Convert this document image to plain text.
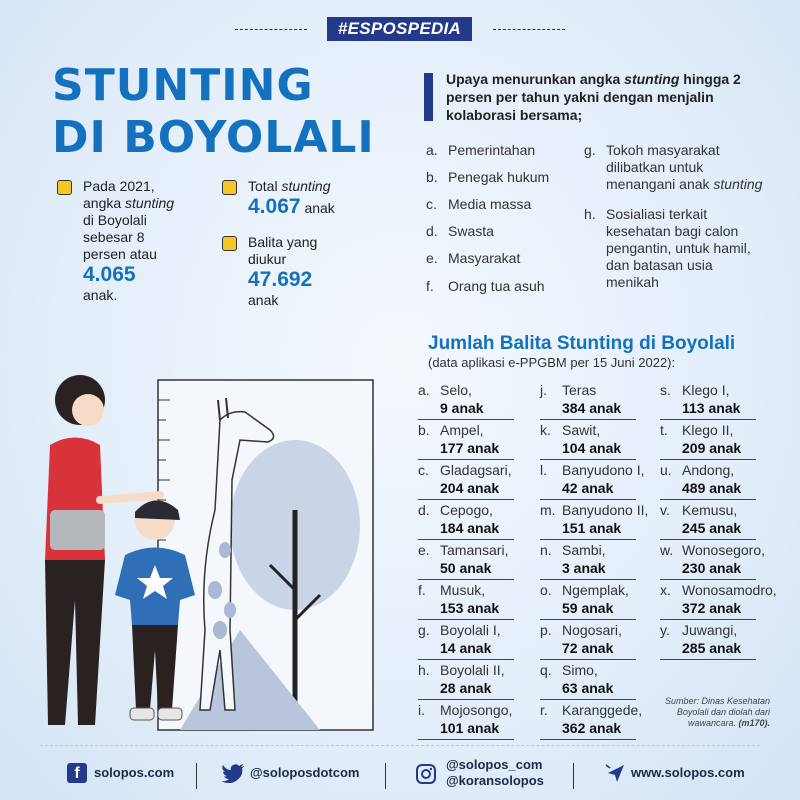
#ESPOSPEDIA
STUNTING
DI BOYOLALI
Pada 2021,
angka stunting
di Boyolali
sebesar 8
persen atau
4.065
anak.
Total stunting
4.067 anak
Balita yang
diukur
47.692
anak
Upaya menurunkan angka stunting hingga 2 persen per tahun yakni dengan menjalin kolaborasi bersama;
a. Pemerintahan
b. Penegak hukum
c. Media massa
d. Swasta
e. Masyarakat
f.	Orang tua asuh
g. Tokoh masyarakat
dilibatkan untuk
menangani anak stunting
h. Sosialiasi terkait
kesehatan bagi calon
pengantin, untuk hamil,
dan batasan usia
menikah
Jumlah Balita Stunting di Boyolali
(data aplikasi e-PPGBM per 15 Juni 2022):
a. Selo,
9 anak
b. Ampel,
177 anak
c. Gladagsari,
204 anak
d. Cepogo,
184 anak
e. Tamansari,
50 anak
f. Musuk,
153 anak
g. Boyolali I,
14 anak
h. Boyolali II,
28 anak
i. Mojosongo,
101 anak
j. Teras
384 anak
k. Sawit,
104 anak
l. Banyudono I,
42 anak
m. Banyudono II,
151 anak
n. Sambi,
3 anak
o. Ngemplak,
59 anak
p. Nogosari,
72 anak
q. Simo,
63 anak
r. Karanggede,
362 anak
s. Klego I,
113 anak
t. Klego II,
209 anak
u. Andong,
489 anak
v. Kemusu,
245 anak
w. Wonosegoro,
230 anak
x. Wonosamodro,
372 anak
y. Juwangi,
285 anak
Sumber: Dinas Kesehatan
Boyolali dan diolah dari
wawancara. (m170).
f	solopos.com	@solopos​dotcom
@solopos_com
@koransolopos
www.solopos.com
